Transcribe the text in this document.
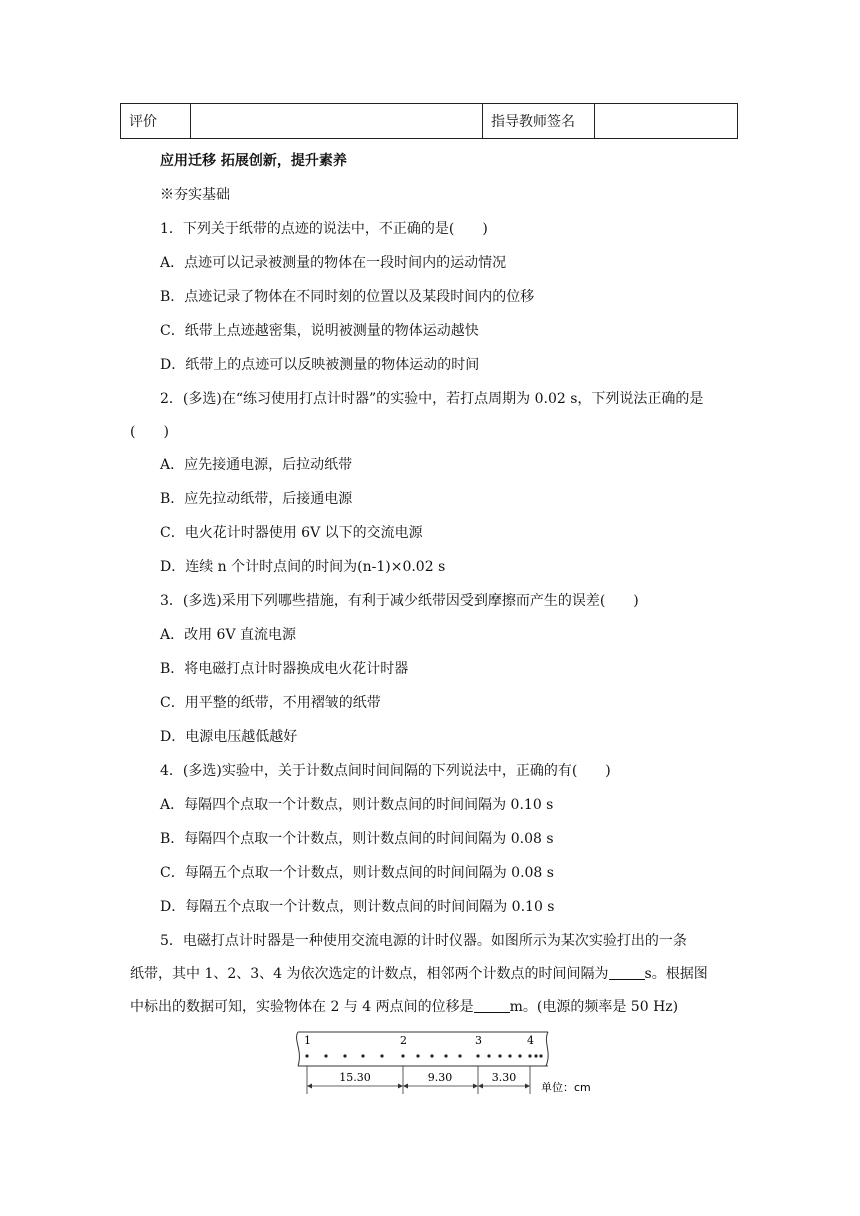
评价		指导教师签名	
应用迁移 拓展创新，提升素养
※夯实基础
1．下列关于纸带的点迹的说法中，不正确的是(　　)
A．点迹可以记录被测量的物体在一段时间内的运动情况
B．点迹记录了物体在不同时刻的位置以及某段时间内的位移
C．纸带上点迹越密集，说明被测量的物体运动越快
D．纸带上的点迹可以反映被测量的物体运动的时间
2．(多选)在“练习使用打点计时器”的实验中，若打点周期为 0.02 s，下列说法正确的是
(　　)
A．应先接通电源，后拉动纸带
B．应先拉动纸带，后接通电源
C．电火花计时器使用 6V 以下的交流电源
D．连续 n 个计时点间的时间为(n-1)×0.02 s
3．(多选)采用下列哪些措施，有利于减少纸带因受到摩擦而产生的误差(　　)
A．改用 6V 直流电源
B．将电磁打点计时器换成电火花计时器
C．用平整的纸带，不用褶皱的纸带
D．电源电压越低越好
4．(多选)实验中，关于计数点间时间间隔的下列说法中，正确的有(　　)
A．每隔四个点取一个计数点，则计数点间的时间间隔为 0.10 s
B．每隔四个点取一个计数点，则计数点间的时间间隔为 0.08 s
C．每隔五个点取一个计数点，则计数点间的时间间隔为 0.08 s
D．每隔五个点取一个计数点，则计数点间的时间间隔为 0.10 s
5．电磁打点计时器是一种使用交流电源的计时仪器。如图所示为某次实验打出的一条
纸带，其中 1、2、3、4 为依次选定的计数点，相邻两个计数点的时间间隔为	s。根据图
中标出的数据可知，实验物体在 2 与 4 两点间的位移是	m。(电源的频率是 50 Hz)
1	2	3	4
15.30	9.30	3.30
单位：cm
